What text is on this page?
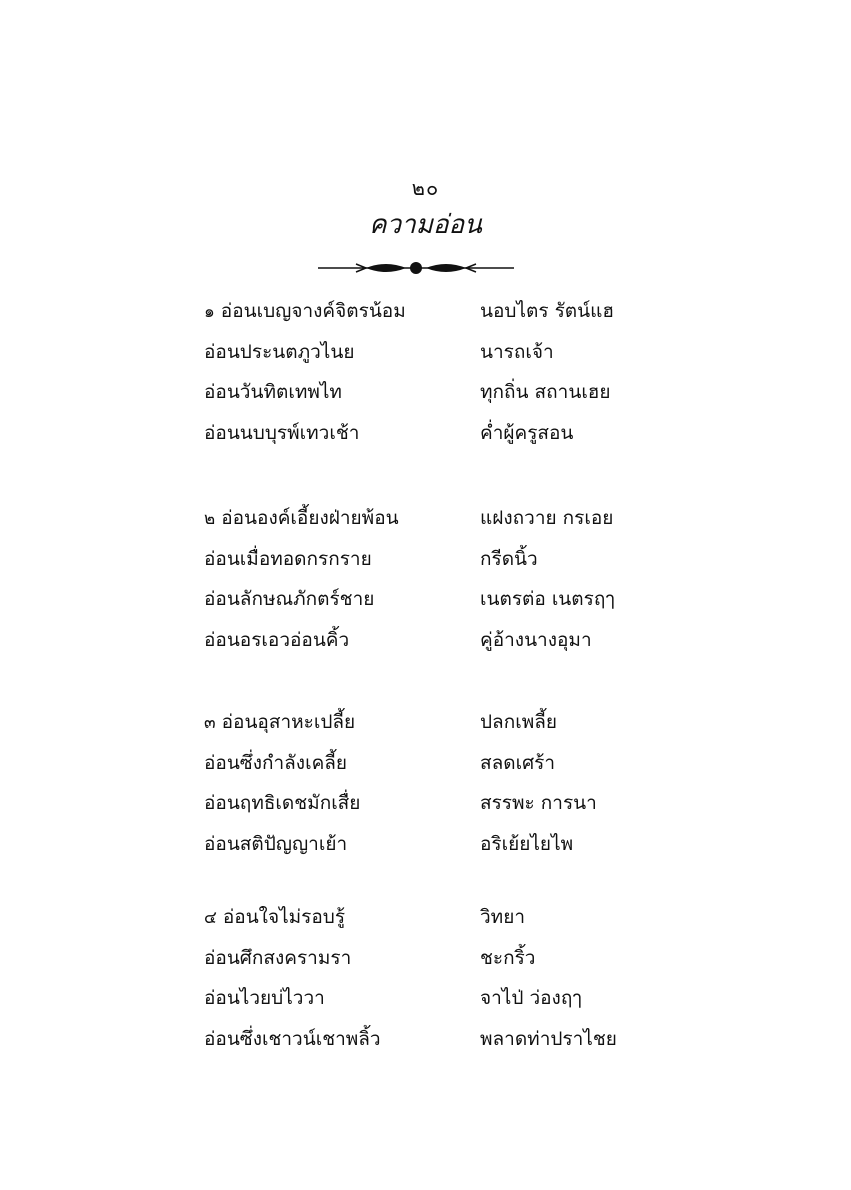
๒๐
ความอ่อน
๑ อ่อนเบญจางค์จิตรน้อม	นอบไตร รัตน์แฮ
อ่อนประนตภูวไนย	นารถเจ้า
อ่อนวันทิตเทพไท	ทุกถิ่น สถานเฮย
อ่อนนบบุรพ์เทวเช้า	ค่ำผู้ครูสอน
๒ อ่อนองค์เอี้ยงฝ่ายพ้อน	แฝงถวาย กรเอย
อ่อนเมื่อทอดกรกราย	กรีดนิ้ว
อ่อนลักษณภักตร์ชาย	เนตรต่อ เนตรฤๅ
อ่อนอรเอวอ่อนคิ้ว	คู่อ้างนางอุมา
๓ อ่อนอุสาหะเปลี้ย	ปลกเพลี้ย
อ่อนซึ่งกำลังเคลี้ย	สลดเศร้า
อ่อนฤทธิเดชมักเสื่ย	สรรพะ การนา
อ่อนสติปัญญาเย้า	อริเย้ยไยไพ
๔ อ่อนใจไม่รอบรู้	วิทยา
อ่อนศึกสงครามรา	ชะกริ้ว
อ่อนไวยบ่ไววา	จาไป่ ว่องฤๅ
อ่อนซึ่งเชาวน์เชาพลิ้ว	พลาดท่าปราไชย
